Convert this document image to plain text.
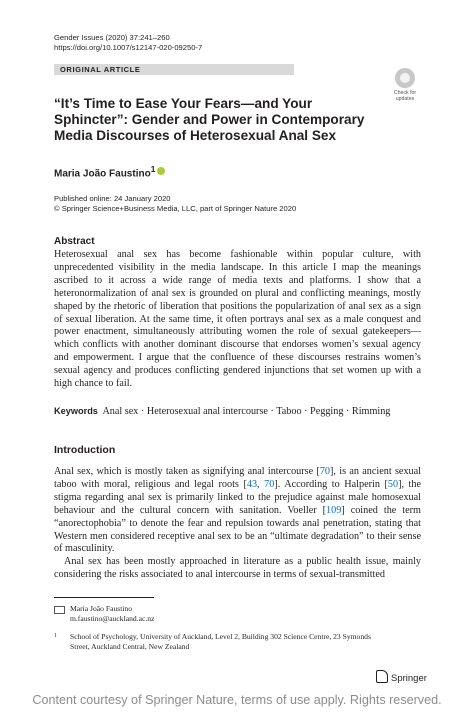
Gender Issues (2020) 37:241–260
https://doi.org/10.1007/s12147-020-09250-7
ORIGINAL ARTICLE
Check for updates
“It’s Time to Ease Your Fears—and Your Sphincter”: Gender and Power in Contemporary Media Discourses of Heterosexual Anal Sex
Maria João Faustino$^1$
Published online: 24 January 2020
© Springer Science+Business Media, LLC, part of Springer Nature 2020
Abstract
Heterosexual anal sex has become fashionable within popular culture, with unprecedented visibility in the media landscape. In this article I map the meanings ascribed to it across a wide range of media texts and platforms. I show that a heteronormalization of anal sex is grounded on plural and conflicting meanings, mostly shaped by the rhetoric of liberation that positions the popularization of anal sex as a sign of sexual liberation. At the same time, it often portrays anal sex as a male conquest and power enactment, simultaneously attributing women the role of sexual gatekeepers—which conflicts with another dominant discourse that endorses women’s sexual agency and empowerment. I argue that the confluence of these discourses restrains women’s sexual agency and produces conflicting gendered injunctions that set women up with a high chance to fail.
Keywords Anal sex · Heterosexual anal intercourse · Taboo · Pegging · Rimming
Introduction

Anal sex, which is mostly taken as signifying anal intercourse [70], is an ancient sexual taboo with moral, religious and legal roots [43, 70]. According to Halperin [50], the stigma regarding anal sex is primarily linked to the prejudice against male homosexual behaviour and the cultural concern with sanitation. Voeller [109] coined the term “anorectophobia” to denote the fear and repulsion towards anal penetration, stating that Western men considered receptive anal sex to be an “ultimate degradation” to their sense of masculinity.

Anal sex has been mostly approached in literature as a public health issue, mainly considering the risks associated to anal intercourse in terms of sexual-transmitted

Maria João Faustino
m.faustino@auckland.ac.nz
1 School of Psychology, University of Auckland, Level 2, Building 302 Science Centre, 23 Symonds Street, Auckland Central, New Zealand
Springer
Content courtesy of Springer Nature, terms of use apply. Rights reserved.
